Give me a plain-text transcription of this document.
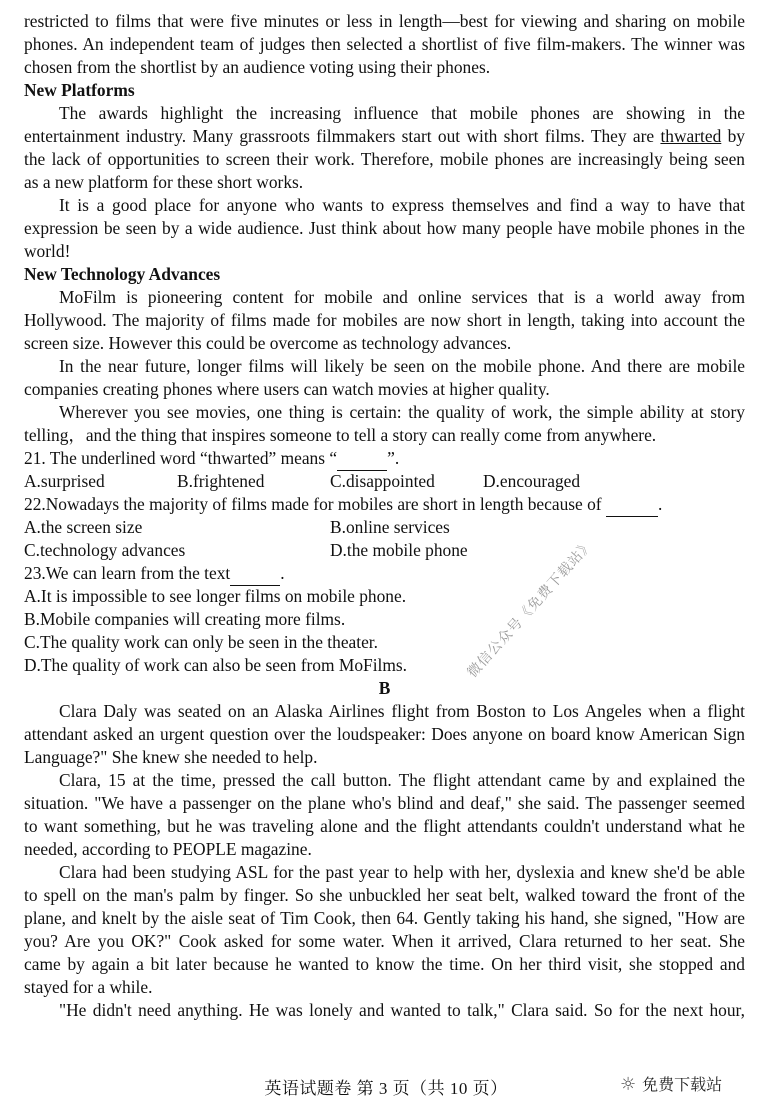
restricted to films that were five minutes or less in length—best for viewing and sharing on mobile
phones. An independent team of judges then selected a shortlist of five film-makers. The winner was
chosen from the shortlist by an audience voting using their phones.
New Platforms
The awards highlight the increasing influence that mobile phones are showing in the
entertainment industry. Many grassroots filmmakers start out with short films. They are thwarted by
the lack of opportunities to screen their work. Therefore, mobile phones are increasingly being seen
as a new platform for these short works.
It is a good place for anyone who wants to express themselves and find a way to have that
expression be seen by a wide audience. Just think about how many people have mobile phones in the
world!
New Technology Advances
MoFilm is pioneering content for mobile and online services that is a world away from
Hollywood. The majority of films made for mobiles are now short in length, taking into account the
screen size. However this could be overcome as technology advances.
In the near future, longer films will likely be seen on the mobile phone. And there are mobile
companies creating phones where users can watch movies at higher quality.
Wherever you see movies, one thing is certain: the quality of work, the simple ability at story
telling，and the thing that inspires someone to tell a story can really come from anywhere.
21. The underlined word “thwarted” means “	”.
A.surprised	B.frightened	C.disappointed	D.encouraged
22.Nowadays the majority of films made for mobiles are short in length because of	.
A.the screen size	B.online services
C.technology advances	D.the mobile phone
23.We can learn from the text	.
A.It is impossible to see longer films on mobile phone.
B.Mobile companies will creating more films.
C.The quality work can only be seen in the theater.
D.The quality of work can also be seen from MoFilms.
B
Clara Daly was seated on an Alaska Airlines flight from Boston to Los Angeles when a flight
attendant asked an urgent question over the loudspeaker: Does anyone on board know American Sign
Language?" She knew she needed to help.
Clara, 15 at the time, pressed the call button. The flight attendant came by and explained the
situation. "We have a passenger on the plane who's blind and deaf," she said. The passenger seemed
to want something, but he was traveling alone and the flight attendants couldn't understand what he
needed, according to PEOPLE magazine.
Clara had been studying ASL for the past year to help with her, dyslexia and knew she'd be able
to spell on the man's palm by finger. So she unbuckled her seat belt, walked toward the front of the
plane, and knelt by the aisle seat of Tim Cook, then 64. Gently taking his hand, she signed, "How are
you? Are you OK?" Cook asked for some water. When it arrived, Clara returned to her seat. She
came by again a bit later because he wanted to know the time. On her third visit, she stopped and
stayed for a while.
"He didn't need anything. He was lonely and wanted to talk," Clara said. So for the next hour,
微信公众号《免费下载站》
英语试题卷 第 3 页（共 10 页）	☼ 免费下载站
